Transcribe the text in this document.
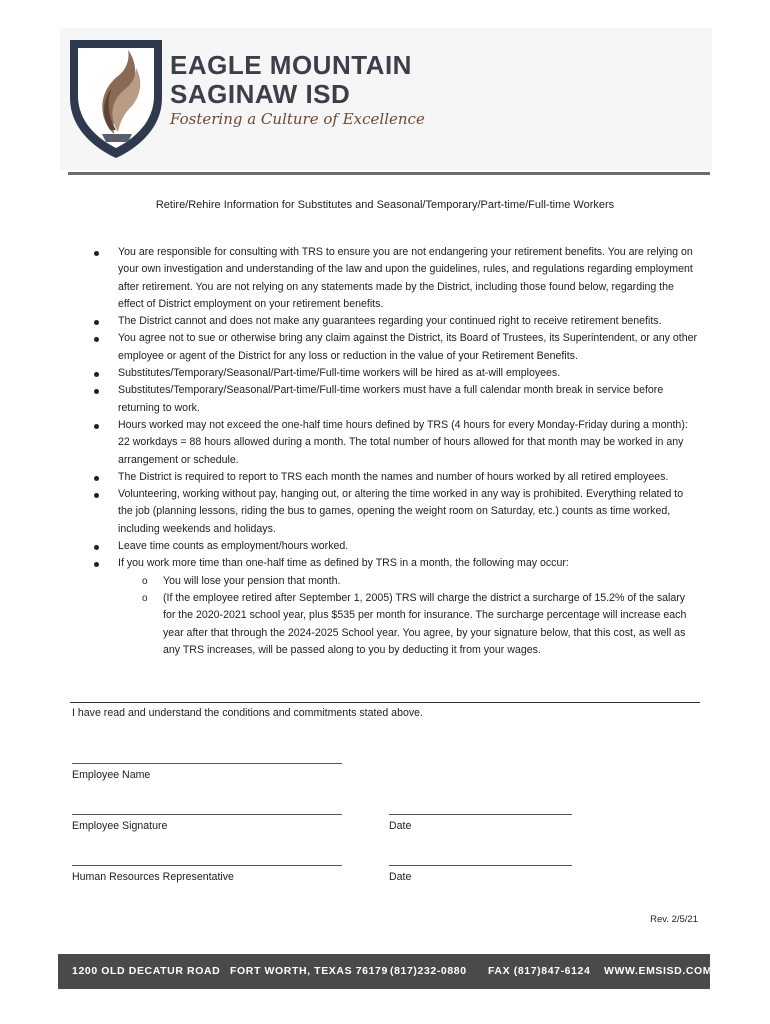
EAGLE MOUNTAIN
SAGINAW ISD
Fostering a Culture of Excellence
Retire/Rehire Information for Substitutes and Seasonal/Temporary/Part-time/Full-time Workers
You are responsible for consulting with TRS to ensure you are not endangering your retirement benefits. You are relying on your own investigation and understanding of the law and upon the guidelines, rules, and regulations regarding employment after retirement. You are not relying on any statements made by the District, including those found below, regarding the effect of District employment on your retirement benefits.
The District cannot and does not make any guarantees regarding your continued right to receive retirement benefits.
You agree not to sue or otherwise bring any claim against the District, its Board of Trustees, its Superintendent, or any other employee or agent of the District for any loss or reduction in the value of your Retirement Benefits.
Substitutes/Temporary/Seasonal/Part-time/Full-time workers will be hired as at-will employees.
Substitutes/Temporary/Seasonal/Part-time/Full-time workers must have a full calendar month break in service before returning to work.
Hours worked may not exceed the one-half time hours defined by TRS (4 hours for every Monday-Friday during a month): 22 workdays = 88 hours allowed during a month. The total number of hours allowed for that month may be worked in any arrangement or schedule.
The District is required to report to TRS each month the names and number of hours worked by all retired employees.
Volunteering, working without pay, hanging out, or altering the time worked in any way is prohibited. Everything related to the job (planning lessons, riding the bus to games, opening the weight room on Saturday, etc.) counts as time worked, including weekends and holidays.
Leave time counts as employment/hours worked.
If you work more time than one-half time as defined by TRS in a month, the following may occur:
o You will lose your pension that month.
o (If the employee retired after September 1, 2005) TRS will charge the district a surcharge of 15.2% of the salary for the 2020-2021 school year, plus $535 per month for insurance. The surcharge percentage will increase each year after that through the 2024-2025 School year. You agree, by your signature below, that this cost, as well as any TRS increases, will be passed along to you by deducting it from your wages.
I have read and understand the conditions and commitments stated above.
Employee Name
Employee Signature	Date
Human Resources Representative	Date
Rev. 2/5/21
1200 OLD DECATUR ROAD FORT WORTH, TEXAS 76179 (817)232-0880 FAX (817)847-6124 WWW.EMSISD.COM
